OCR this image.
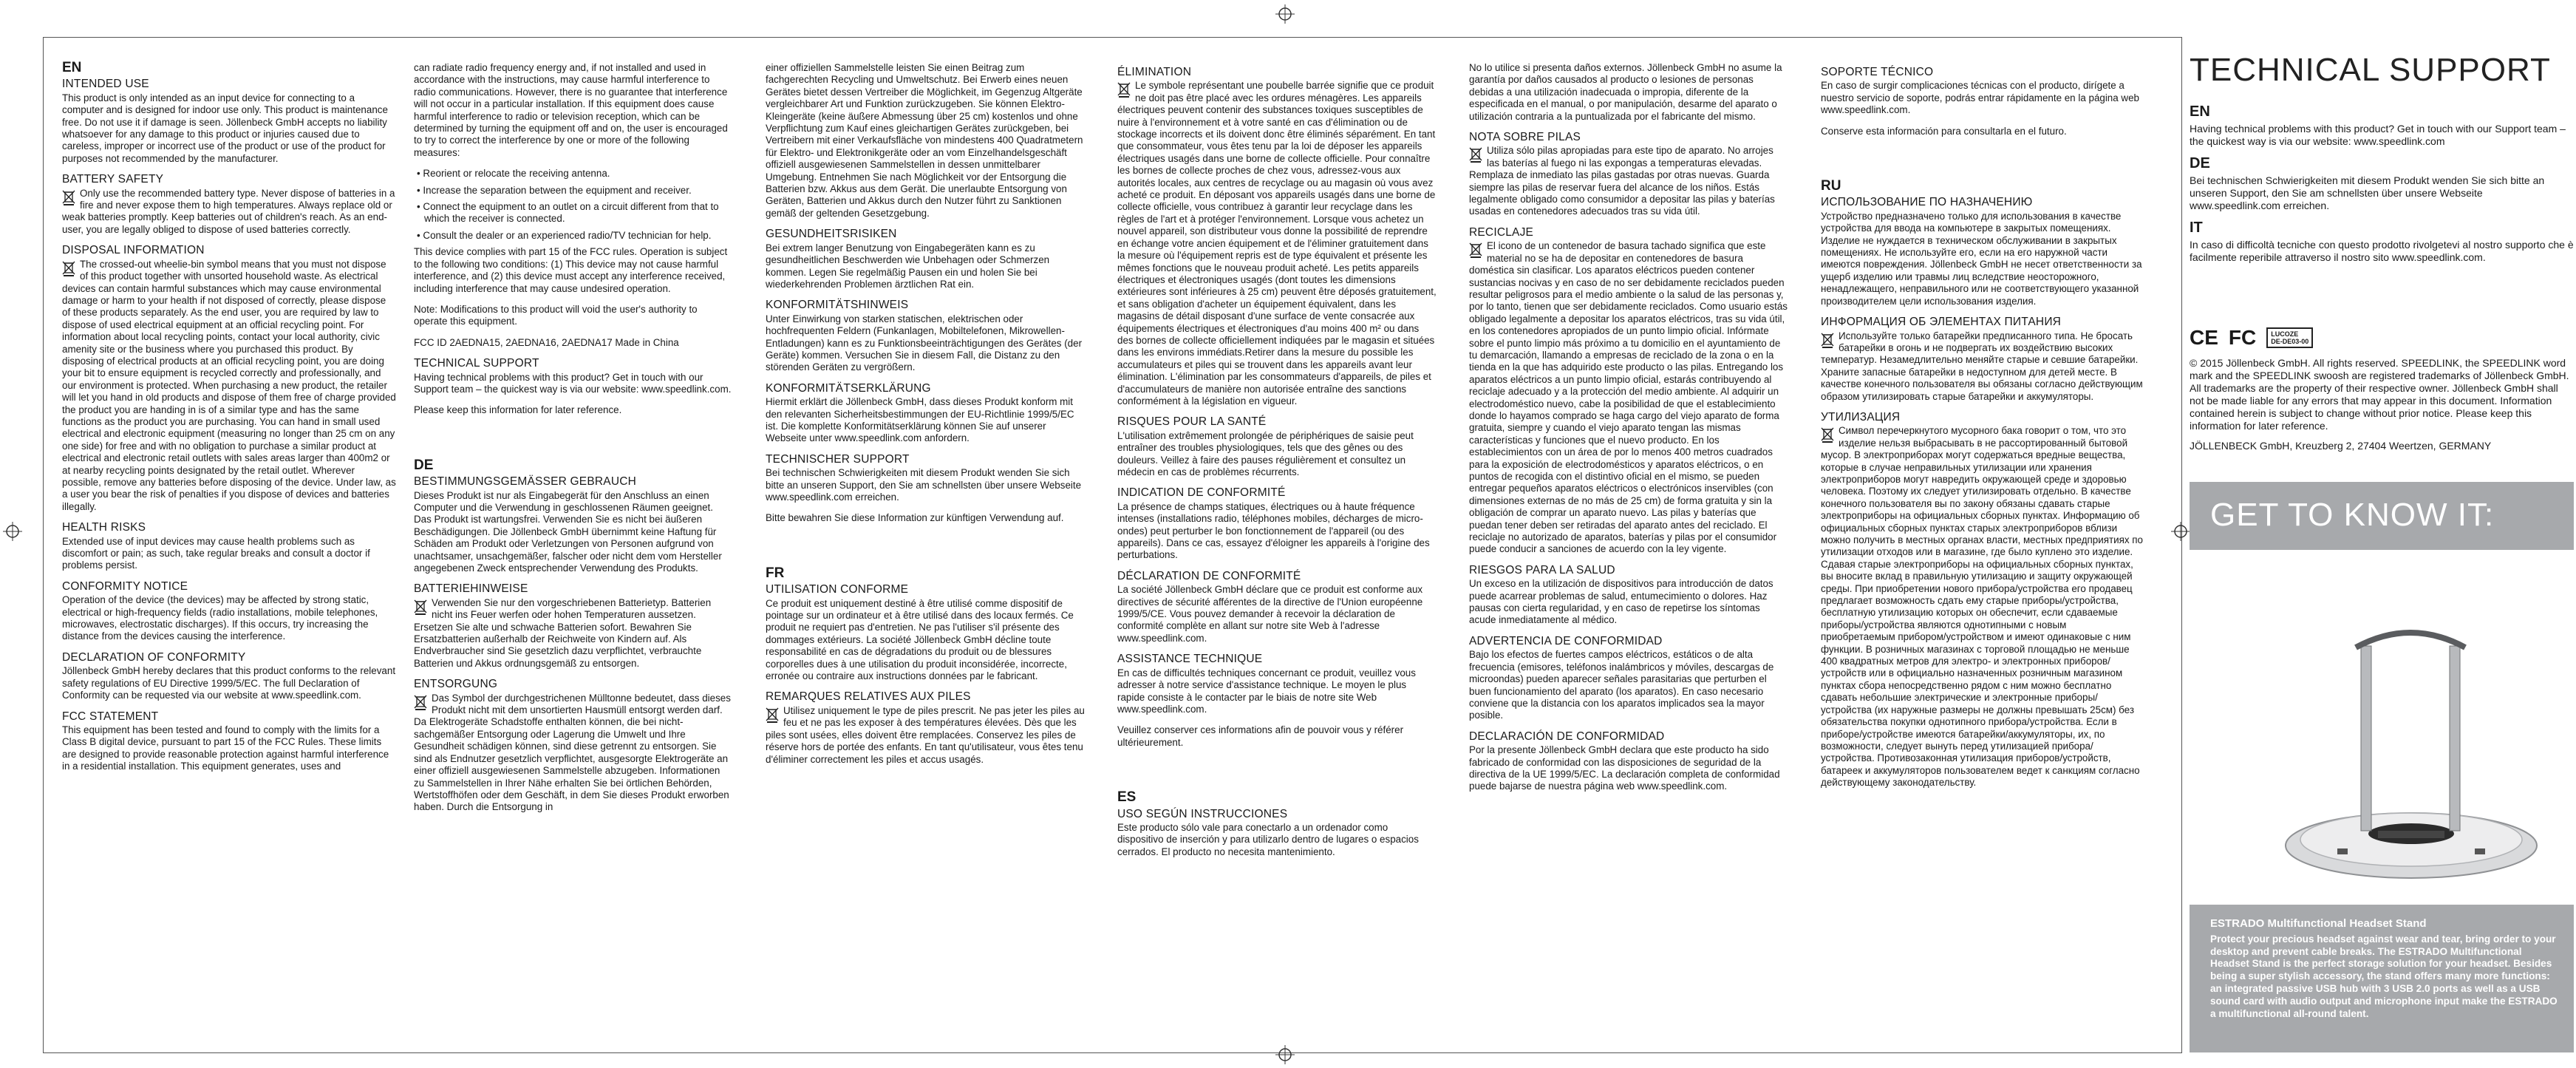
EN
INTENDED USE

This product is only intended as an input device for connecting to a computer and is designed for indoor use only. This product is maintenance free. Do not use it if damage is seen. Jöllenbeck GmbH accepts no liability whatsoever for any damage to this product or injuries caused due to careless, improper or incorrect use of the product or use of the product for purposes not recommended by the manufacturer.

BATTERY SAFETY

Only use the recommended battery type. Never dispose of batteries in a fire and never expose them to high temperatures. Always replace old or weak batteries promptly. Keep batteries out of children's reach. As an end-user, you are legally obliged to dispose of used batteries correctly.

DISPOSAL INFORMATION

The crossed-out wheelie-bin symbol means that you must not dispose of this product together with unsorted household waste. As electrical devices can contain harmful substances which may cause environmental damage or harm to your health if not disposed of correctly, please dispose of these products separately. As the end user, you are required by law to dispose of used electrical equipment at an official recycling point. For information about local recycling points, contact your local authority, civic amenity site or the business where you purchased this product. By disposing of electrical products at an official recycling point, you are doing your bit to ensure equipment is recycled correctly and professionally, and our environment is protected. When purchasing a new product, the retailer will let you hand in old products and dispose of them free of charge provided the product you are handing in is of a similar type and has the same functions as the product you are purchasing. You can hand in small used electrical and electronic equipment (measuring no longer than 25 cm on any one side) for free and with no obligation to purchase a similar product at electrical and electronic retail outlets with sales areas larger than 400m2 or at nearby recycling points designated by the retail outlet. Wherever possible, remove any batteries before disposing of the device. Under law, as a user you bear the risk of penalties if you dispose of devices and batteries illegally.

HEALTH RISKS

Extended use of input devices may cause health problems such as discomfort or pain; as such, take regular breaks and consult a doctor if problems persist.

CONFORMITY NOTICE

Operation of the device (the devices) may be affected by strong static, electrical or high-frequency fields (radio installations, mobile telephones, microwaves, electrostatic discharges). If this occurs, try increasing the distance from the devices causing the interference.

DECLARATION OF CONFORMITY

Jöllenbeck GmbH hereby declares that this product conforms to the relevant safety regulations of EU Directive 1999/5/EC. The full Declaration of Conformity can be requested via our website at www.speedlink.com.

FCC STATEMENT

This equipment has been tested and found to comply with the limits for a Class B digital device, pursuant to part 15 of the FCC Rules. These limits are designed to provide reasonable protection against harmful interference in a residential installation. This equipment generates, uses and

can radiate radio frequency energy and, if not installed and used in accordance with the instructions, may cause harmful interference to radio communications. However, there is no guarantee that interference will not occur in a particular installation. If this equipment does cause harmful interference to radio or television reception, which can be determined by turning the equipment off and on, the user is encouraged to try to correct the interference by one or more of the following measures:

• Reorient or relocate the receiving antenna.
• Increase the separation between the equipment and receiver.
• Connect the equipment to an outlet on a circuit different from that to which the receiver is connected.
• Consult the dealer or an experienced radio/TV technician for help.

This device complies with part 15 of the FCC rules. Operation is subject to the following two conditions: (1) This device may not cause harmful interference, and (2) this device must accept any interference received, including interference that may cause undesired operation.

Note: Modifications to this product will void the user's authority to operate this equipment.

FCC ID 2AEDNA15, 2AEDNA16, 2AEDNA17 Made in China

TECHNICAL SUPPORT

Having technical problems with this product? Get in touch with our Support team – the quickest way is via our website: www.speedlink.com.

Please keep this information for later reference.

DE
BESTIMMUNGSGEMÄSSER GEBRAUCH

Dieses Produkt ist nur als Eingabegerät für den Anschluss an einen Computer und die Verwendung in geschlossenen Räumen geeignet. Das Produkt ist wartungsfrei. Verwenden Sie es nicht bei äußeren Beschädigungen. Die Jöllenbeck GmbH übernimmt keine Haftung für Schäden am Produkt oder Verletzungen von Personen aufgrund von unachtsamer, unsachgemäßer, falscher oder nicht dem vom Hersteller angegebenen Zweck entsprechender Verwendung des Produkts.

BATTERIEHINWEISE

Verwenden Sie nur den vorgeschriebenen Batterietyp. Batterien nicht ins Feuer werfen oder hohen Temperaturen aussetzen. Ersetzen Sie alte und schwache Batterien sofort. Bewahren Sie Ersatzbatterien außerhalb der Reichweite von Kindern auf. Als Endverbraucher sind Sie gesetzlich dazu verpflichtet, verbrauchte Batterien und Akkus ordnungsgemäß zu entsorgen.

ENTSORGUNG

Das Symbol der durchgestrichenen Mülltonne bedeutet, dass dieses Produkt nicht mit dem unsortierten Hausmüll entsorgt werden darf. Da Elektrogeräte Schadstoffe enthalten können, die bei nicht-sachgemäßer Entsorgung oder Lagerung die Umwelt und Ihre Gesundheit schädigen können, sind diese getrennt zu entsorgen. Sie sind als Endnutzer gesetzlich verpflichtet, ausgesorgte Elektrogeräte an einer offiziell ausgewiesenen Sammelstelle abzugeben. Informationen zu Sammelstellen in Ihrer Nähe erhalten Sie bei örtlichen Behörden, Wertstoffhöfen oder dem Geschäft, in dem Sie dieses Produkt erworben haben. Durch die Entsorgung in

einer offiziellen Sammelstelle leisten Sie einen Beitrag zum fachgerechten Recycling und Umweltschutz. Bei Erwerb eines neuen Gerätes bietet dessen Vertreiber die Möglichkeit, im Gegenzug Altgeräte vergleichbarer Art und Funktion zurückzugeben. Sie können Elektro-Kleingeräte (keine äußere Abmessung über 25 cm) kostenlos und ohne Verpflichtung zum Kauf eines gleichartigen Gerätes zurückgeben, bei Vertreibern mit einer Verkaufsfläche von mindestens 400 Quadratmetern für Elektro- und Elektronikgeräte oder an vom Einzelhandelsgeschäft offiziell ausgewiesenen Sammelstellen in dessen unmittelbarer Umgebung. Entnehmen Sie nach Möglichkeit vor der Entsorgung die Batterien bzw. Akkus aus dem Gerät. Die unerlaubte Entsorgung von Geräten, Batterien und Akkus durch den Nutzer führt zu Sanktionen gemäß der geltenden Gesetzgebung.

GESUNDHEITSRISIKEN

Bei extrem langer Benutzung von Eingabegeräten kann es zu gesundheitlichen Beschwerden wie Unbehagen oder Schmerzen kommen. Legen Sie regelmäßig Pausen ein und holen Sie bei wiederkehrenden Problemen ärztlichen Rat ein.

KONFORMITÄTSHINWEIS

Unter Einwirkung von starken statischen, elektrischen oder hochfrequenten Feldern (Funkanlagen, Mobiltelefonen, Mikrowellen-Entladungen) kann es zu Funktionsbeeinträchtigungen des Gerätes (der Geräte) kommen. Versuchen Sie in diesem Fall, die Distanz zu den störenden Geräten zu vergrößern.

KONFORMITÄTSERKLÄRUNG

Hiermit erklärt die Jöllenbeck GmbH, dass dieses Produkt konform mit den relevanten Sicherheitsbestimmungen der EU-Richtlinie 1999/5/EC ist. Die komplette Konformitätserklärung können Sie auf unserer Webseite unter www.speedlink.com anfordern.

TECHNISCHER SUPPORT

Bei technischen Schwierigkeiten mit diesem Produkt wenden Sie sich bitte an unseren Support, den Sie am schnellsten über unsere Webseite www.speedlink.com erreichen.

Bitte bewahren Sie diese Information zur künftigen Verwendung auf.

FR
UTILISATION CONFORME

Ce produit est uniquement destiné à être utilisé comme dispositif de pointage sur un ordinateur et à être utilisé dans des locaux fermés. Ce produit ne requiert pas d'entretien. Ne pas l'utiliser s'il présente des dommages extérieurs. La société Jöllenbeck GmbH décline toute responsabilité en cas de dégradations du produit ou de blessures corporelles dues à une utilisation du produit inconsidérée, incorrecte, erronée ou contraire aux instructions données par le fabricant.

REMARQUES RELATIVES AUX PILES

Utilisez uniquement le type de piles prescrit. Ne pas jeter les piles au feu et ne pas les exposer à des températures élevées. Dès que les piles sont usées, elles doivent être remplacées. Conservez les piles de réserve hors de portée des enfants. En tant qu'utilisateur, vous êtes tenu d'éliminer correctement les piles et accus usagés.

ÉLIMINATION

Le symbole représentant une poubelle barrée signifie que ce produit ne doit pas être placé avec les ordures ménagères. Les appareils électriques peuvent contenir des substances toxiques susceptibles de nuire à l'environnement et à votre santé en cas d'élimination ou de stockage incorrects et ils doivent donc être éliminés séparément. En tant que consommateur, vous êtes tenu par la loi de déposer les appareils électriques usagés dans une borne de collecte officielle. Pour connaître les bornes de collecte proches de chez vous, adressez-vous aux autorités locales, aux centres de recyclage ou au magasin où vous avez acheté ce produit. En déposant vos appareils usagés dans une borne de collecte officielle, vous contribuez à garantir leur recyclage dans les règles de l'art et à protéger l'environnement. Lorsque vous achetez un nouvel appareil, son distributeur vous donne la possibilité de reprendre en échange votre ancien équipement et de l'éliminer gratuitement dans la mesure où l'équipement repris est de type équivalent et présente les mêmes fonctions que le nouveau produit acheté. Les petits appareils électriques et électroniques usagés (dont toutes les dimensions extérieures sont inférieures à 25 cm) peuvent être déposés gratuitement, et sans obligation d'acheter un équipement équivalent, dans les magasins de détail disposant d'une surface de vente consacrée aux équipements électriques et électroniques d'au moins 400 m² ou dans des bornes de collecte officiellement indiquées par le magasin et situées dans les environs immédiats.Retirer dans la mesure du possible les accumulateurs et piles qui se trouvent dans les appareils avant leur élimination. L'élimination par les consommateurs d'appareils, de piles et d'accumulateurs de manière non autorisée entraîne des sanctions conformément à la législation en vigueur.

RISQUES POUR LA SANTÉ

L'utilisation extrêmement prolongée de périphériques de saisie peut entraîner des troubles physiologiques, tels que des gênes ou des douleurs. Veillez à faire des pauses régulièrement et consultez un médecin en cas de problèmes récurrents.

INDICATION DE CONFORMITÉ

La présence de champs statiques, électriques ou à haute fréquence intenses (installations radio, téléphones mobiles, décharges de micro-ondes) peut perturber le bon fonctionnement de l'appareil (ou des appareils). Dans ce cas, essayez d'éloigner les appareils à l'origine des perturbations.

DÉCLARATION DE CONFORMITÉ

La société Jöllenbeck GmbH déclare que ce produit est conforme aux directives de sécurité afférentes de la directive de l'Union européenne 1999/5/CE. Vous pouvez demander à recevoir la déclaration de conformité complète en allant sur notre site Web à l'adresse www.speedlink.com.

ASSISTANCE TECHNIQUE

En cas de difficultés techniques concernant ce produit, veuillez vous adresser à notre service d'assistance technique. Le moyen le plus rapide consiste à le contacter par le biais de notre site Web www.speedlink.com.

Veuillez conserver ces informations afin de pouvoir vous y référer ultérieurement.

ES
USO SEGÚN INSTRUCCIONES

Este producto sólo vale para conectarlo a un ordenador como dispositivo de inserción y para utilizarlo dentro de lugares o espacios cerrados. El producto no necesita mantenimiento.

No lo utilice si presenta daños externos. Jöllenbeck GmbH no asume la garantía por daños causados al producto o lesiones de personas debidas a una utilización inadecuada o impropia, diferente de la especificada en el manual, o por manipulación, desarme del aparato o utilización contraria a la puntualizada por el fabricante del mismo.

NOTA SOBRE PILAS

Utiliza sólo pilas apropiadas para este tipo de aparato. No arrojes las baterías al fuego ni las expongas a temperaturas elevadas. Remplaza de inmediato las pilas gastadas por otras nuevas. Guarda siempre las pilas de reservar fuera del alcance de los niños. Estás legalmente obligado como consumidor a depositar las pilas y baterías usadas en contenedores adecuados tras su vida útil.

RECICLAJE

El icono de un contenedor de basura tachado significa que este material no se ha de depositar en contenedores de basura doméstica sin clasificar. Los aparatos eléctricos pueden contener sustancias nocivas y en caso de no ser debidamente reciclados pueden resultar peligrosos para el medio ambiente o la salud de las personas y, por lo tanto, tienen que ser debidamente reciclados. Como usuario estás obligado legalmente a depositar los aparatos eléctricos, tras su vida útil, en los contenedores apropiados de un punto limpio oficial. Infórmate sobre el punto limpio más próximo a tu domicilio en el ayuntamiento de tu demarcación, llamando a empresas de reciclado de la zona o en la tienda en la que has adquirido este producto o las pilas. Entregando los aparatos eléctricos a un punto limpio oficial, estarás contribuyendo al reciclaje adecuado y a la protección del medio ambiente. Al adquirir un electrodoméstico nuevo, cabe la posibilidad de que el establecimiento donde lo hayamos comprado se haga cargo del viejo aparato de forma gratuita, siempre y cuando el viejo aparato tengan las mismas características y funciones que el nuevo producto. En los establecimientos con un área de por lo menos 400 metros cuadrados para la exposición de electrodomésticos y aparatos eléctricos, o en puntos de recogida con el distintivo oficial en el mismo, se pueden entregar pequeños aparatos eléctricos o electrónicos inservibles (con dimensiones externas de no más de 25 cm) de forma gratuita y sin la obligación de comprar un aparato nuevo. Las pilas y baterías que puedan tener deben ser retiradas del aparato antes del reciclado. El reciclaje no autorizado de aparatos, baterías y pilas por el consumidor puede conducir a sanciones de acuerdo con la ley vigente.

RIESGOS PARA LA SALUD

Un exceso en la utilización de dispositivos para introducción de datos puede acarrear problemas de salud, entumecimiento o dolores. Haz pausas con cierta regularidad, y en caso de repetirse los síntomas acude inmediatamente al médico.

ADVERTENCIA DE CONFORMIDAD

Bajo los efectos de fuertes campos eléctricos, estáticos o de alta frecuencia (emisores, teléfonos inalámbricos y móviles, descargas de microondas) pueden aparecer señales parasitarias que perturben el buen funcionamiento del aparato (los aparatos). En caso necesario conviene que la distancia con los aparatos implicados sea la mayor posible.

DECLARACIÓN DE CONFORMIDAD

Por la presente Jöllenbeck GmbH declara que este producto ha sido fabricado de conformidad con las disposiciones de seguridad de la directiva de la UE 1999/5/EC. La declaración completa de conformidad puede bajarse de nuestra página web www.speedlink.com.

SOPORTE TÉCNICO

En caso de surgir complicaciones técnicas con el producto, dirígete a nuestro servicio de soporte, podrás entrar rápidamente en la página web www.speedlink.com.

Conserve esta información para consultarla en el futuro.

RU
ИСПОЛЬЗОВАНИЕ ПО НАЗНАЧЕНИЮ

Устройство предназначено только для использования в качестве устройства для ввода на компьютере в закрытых помещениях. Изделие не нуждается в техническом обслуживании в закрытых помещениях. Не используйте его, если на его наружной части имеются повреждения. Jöllenbeck GmbH не несет ответственности за ущерб изделию или травмы лиц вследствие неосторожного, ненадлежащего, неправильного или не соответствующего указанной производителем цели использования изделия.

ИНФОРМАЦИЯ ОБ ЭЛЕМЕНТАХ ПИТАНИЯ

Используйте только батарейки предписанного типа. Не бросать батарейки в огонь и не подвергать их воздействию высоких температур. Незамедлительно меняйте старые и севшие батарейки. Храните запасные батарейки в недоступном для детей месте. В качестве конечного пользователя вы обязаны согласно действующим образом утилизировать старые батарейки и аккумуляторы.

УТИЛИЗАЦИЯ

Символ перечеркнутого мусорного бака говорит о том, что это изделие нельзя выбрасывать в не рассортированный бытовой мусор. В электроприборах могут содержаться вредные вещества, которые в случае неправильных утилизации или хранения электроприборов могут навредить окружающей среде и здоровью человека. Поэтому их следует утилизировать отдельно. В качестве конечного пользователя вы по закону обязаны сдавать старые электроприборы на официальных сборных пунктах. Информацию об официальных сборных пунктах старых электроприборов вблизи можно получить в местных органах власти, местных предприятиях по утилизации отходов или в магазине, где было куплено это изделие. Сдавая старые электроприборы на официальных сборных пунктах, вы вносите вклад в правильную утилизацию и защиту окружающей среды. При приобретении нового прибора/устройства его продавец предлагает возможность сдать ему старые приборы/устройства, бесплатную утилизацию которых он обеспечит, если сдаваемые приборы/устройства являются однотипными с новым приобретаемым прибором/устройством и имеют одинаковые с ним функции. В розничных магазинах с торговой площадью не меньше 400 квадратных метров для электро- и электронных приборов/устройств или в официально назначенных розничным магазином пунктах сбора непосредственно рядом с ним можно бесплатно сдавать небольшие электрические и электронные приборы/устройства (их наружные размеры не должны превышать 25см) без обязательства покупки однотипного прибора/устройства. Если в приборе/устройстве имеются батарейки/аккумуляторы, их, по возможности, следует вынуть перед утилизацией прибора/устройства. Противозаконная утилизация приборов/устройств, батареек и аккумуляторов пользователем ведет к санкциям согласно действующему законодательству.

TECHNICAL SUPPORT
EN

Having technical problems with this product? Get in touch with our Support team – the quickest way is via our website: www.speedlink.com

DE

Bei technischen Schwierigkeiten mit diesem Produkt wenden Sie sich bitte an unseren Support, den Sie am schnellsten über unsere Webseite www.speedlink.com erreichen.

IT

In caso di difficoltà tecniche con questo prodotto rivolgetevi al nostro supporto che è facilmente reperibile attraverso il nostro sito www.speedlink.com.

CE FC	LUCOZE
DE-DE03-00

© 2015 Jöllenbeck GmbH. All rights reserved. SPEEDLINK, the SPEEDLINK word mark and the SPEEDLINK swoosh are registered trademarks of Jöllenbeck GmbH. All trademarks are the property of their respective owner. Jöllenbeck GmbH shall not be made liable for any errors that may appear in this document. Information contained herein is subject to change without prior notice. Please keep this information for later reference.

JÖLLENBECK GmbH, Kreuzberg 2, 27404 Weertzen, GERMANY

GET TO KNOW IT:
ESTRADO Multifunctional Headset Stand
Protect your precious headset against wear and tear, bring order to your desktop and prevent cable breaks. The ESTRADO Multifunctional Headset Stand is the perfect storage solution for your headset. Besides being a super stylish accessory, the stand offers many more functions: an integrated passive USB hub with 3 USB 2.0 ports as well as a USB sound card with audio output and microphone input make the ESTRADO a multifunctional all-round talent.
